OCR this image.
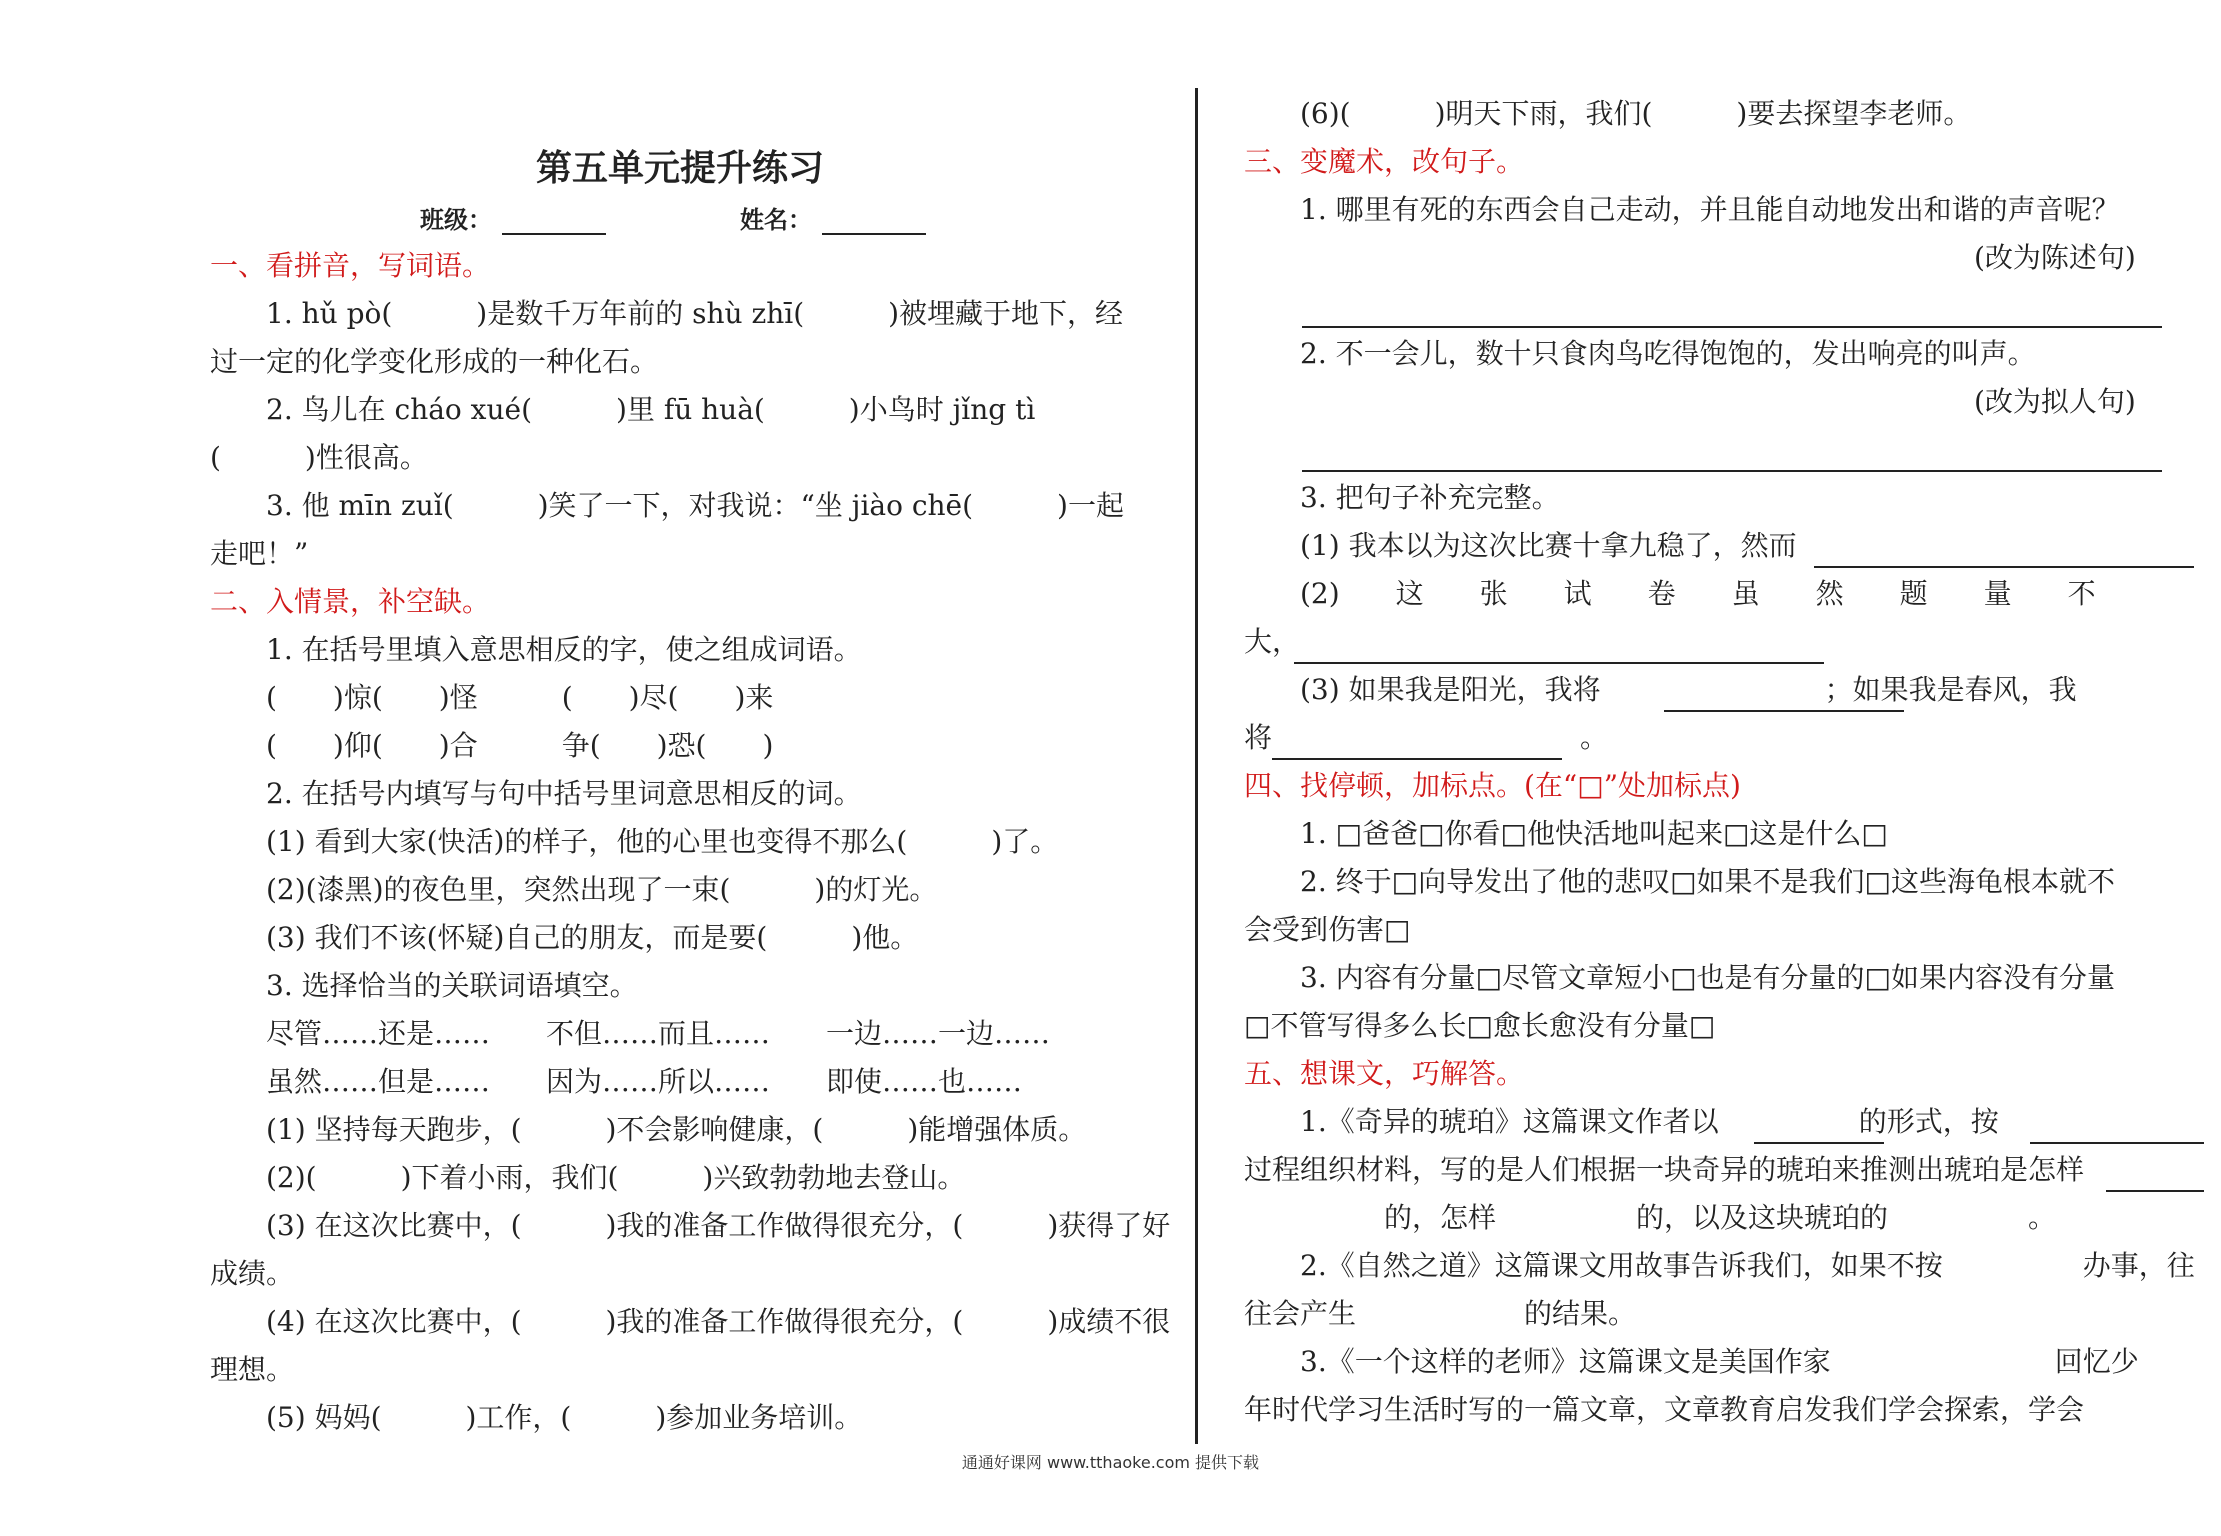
第五单元提升练习
班级：	姓名：
一、看拼音，写词语。
1. hǔ pò(　　　)是数千万年前的 shù zhī(　　　)被埋藏于地下，经
过一定的化学变化形成的一种化石。
2. 鸟儿在 cháo xué(　　　)里 fū huà(　　　)小鸟时 jǐng tì
(　　　)性很高。
3. 他 mīn zuǐ(　　　)笑了一下，对我说：“坐 jiào chē(　　　)一起
走吧！”
二、入情景，补空缺。
1. 在括号里填入意思相反的字，使之组成词语。
(　　)惊(　　)怪　　　(　　)尽(　　)来
(　　)仰(　　)合　　　争(　　)恐(　　)
2. 在括号内填写与句中括号里词意思相反的词。
(1) 看到大家(快活)的样子，他的心里也变得不那么(　　　)了。
(2)(漆黑)的夜色里，突然出现了一束(　　　)的灯光。
(3) 我们不该(怀疑)自己的朋友，而是要(　　　)他。
3. 选择恰当的关联词语填空。
尽管……还是……　　不但……而且……　　一边……一边……
虽然……但是……　　因为……所以……　　即使……也……
(1) 坚持每天跑步，(　　　)不会影响健康，(　　　)能增强体质。
(2)(　　　)下着小雨，我们(　　　)兴致勃勃地去登山。
(3) 在这次比赛中，(　　　)我的准备工作做得很充分，(　　　)获得了好
成绩。
(4) 在这次比赛中，(　　　)我的准备工作做得很充分，(　　　)成绩不很
理想。
(5) 妈妈(　　　)工作，(　　　)参加业务培训。
(6)(　　　)明天下雨，我们(　　　)要去探望李老师。
三、变魔术，改句子。
1. 哪里有死的东西会自己走动，并且能自动地发出和谐的声音呢？
(改为陈述句)
2. 不一会儿，数十只食肉鸟吃得饱饱的，发出响亮的叫声。
(改为拟人句)
3. 把句子补充完整。
(1) 我本以为这次比赛十拿九稳了，然而
(2)　　这　　张　　试　　卷　　虽　　然　　题　　量　　不
大，
(3) 如果我是阳光，我将　　　　　　　　；如果我是春风，我
将　　　　　　　　　　　。
四、找停顿，加标点。(在“□”处加标点)
1. □爸爸□你看□他快活地叫起来□这是什么□
2. 终于□向导发出了他的悲叹□如果不是我们□这些海龟根本就不
会受到伤害□
3. 内容有分量□尽管文章短小□也是有分量的□如果内容没有分量
□不管写得多么长□愈长愈没有分量□
五、想课文，巧解答。
1.《奇异的琥珀》这篇课文作者以　　　　　的形式，按
过程组织材料，写的是人们根据一块奇异的琥珀来推测出琥珀是怎样
　　　　　的，怎样　　　　　的，以及这块琥珀的　　　　　。
2.《自然之道》这篇课文用故事告诉我们，如果不按　　　　　办事，往
往会产生　　　　　　的结果。
3.《一个这样的老师》这篇课文是美国作家　　　　　　　　回忆少
年时代学习生活时写的一篇文章，文章教育启发我们学会探索，学会
通通好课网 www.tthaoke.com 提供下载
